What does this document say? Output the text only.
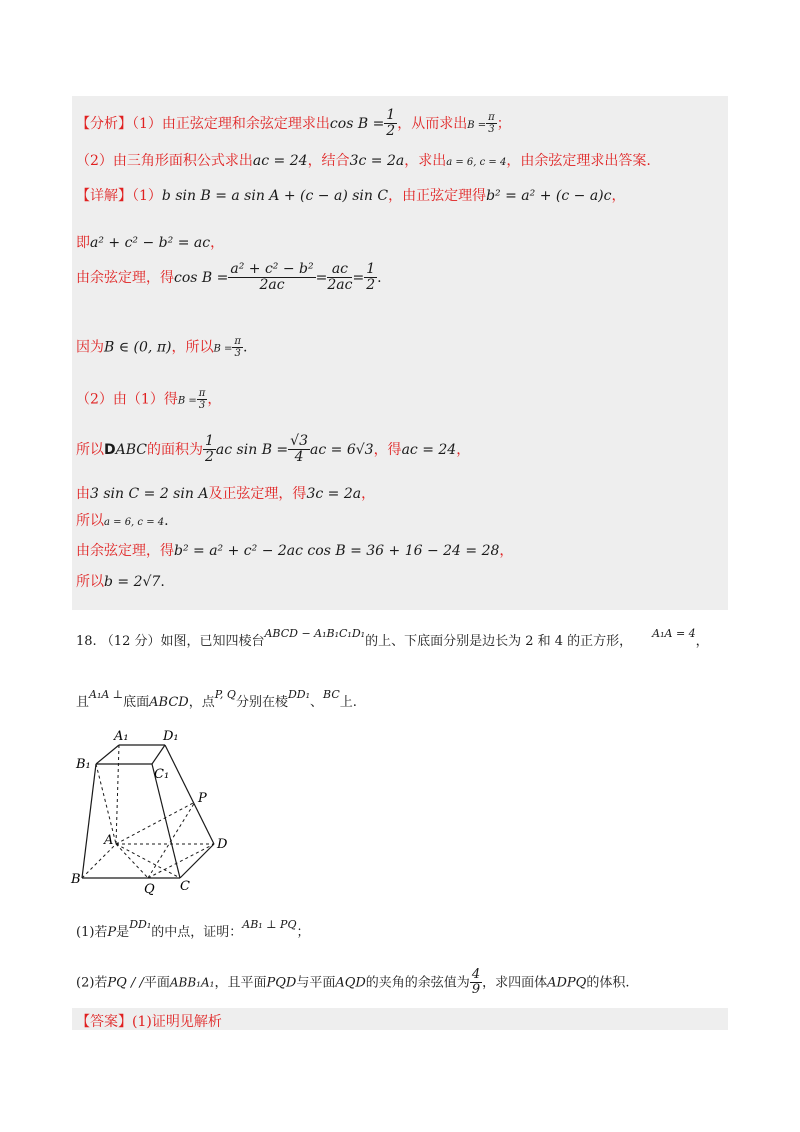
【分析】（1）由正弦定理和余弦定理求出$\cos B = \frac{1}{2}$ ，从而求出$B = \frac{\pi}{3}$ ；
（2）由三角形面积公式求出ac = 24，结合3c = 2a，求出a = 6, c = 4，由余弦定理求出答案.
【详解】（1）b sin B = a sin A + (c − a) sin C，由正弦定理得b² = a² + (c − a)c，
即a² + c² − b² = ac，
由余弦定理，得$\cos B = \frac{\text{a² + c² − b²}}{2ac} = \frac{ac}{2ac} = \frac{1}{2}$ .
因为B ∈ (0, π)，所以$B = \frac{\pi}{3}$ .
（2）由（1）得$B = \frac{\pi}{3}$ ，
所以DABC的面积为 $\frac{1}{2}$ ac $\sin B = \frac{√3}{4}$ ac = 6√3，得ac = 24，
由3 sin C = 2 sin A及正弦定理，得3c = 2a，
所以a = 6, c = 4.
由余弦定理，得b² = a² + c² − 2ac cos B = 36 + 16 − 24 = 28，
所以b = 2√7.
18. （12 分）如图，已知四棱台$^{ABCD - A_1B_1C_1D_1}$的上、下底面分别是边长为 2 和 4 的正方形，$^{A_1A = 4}$，
且$^{A_1A \perp}$底面ABCD，点$^{P, Q}$分别在棱$^{DD_1}$、$^{BC}$上.
A₁	D₁
B₁
C₁
P
A	D
B
Q C
(1)若P是$^{DD_1}$的中点，证明：$^{AB_1 \perp PQ}$；
(2)若PQ / /平面ABB₁A₁，且平面PQD与平面AQD的夹角的余弦值为 $\frac{4}{9}$ ，求四面体ADPQ的体积.
【答案】(1)证明见解析
